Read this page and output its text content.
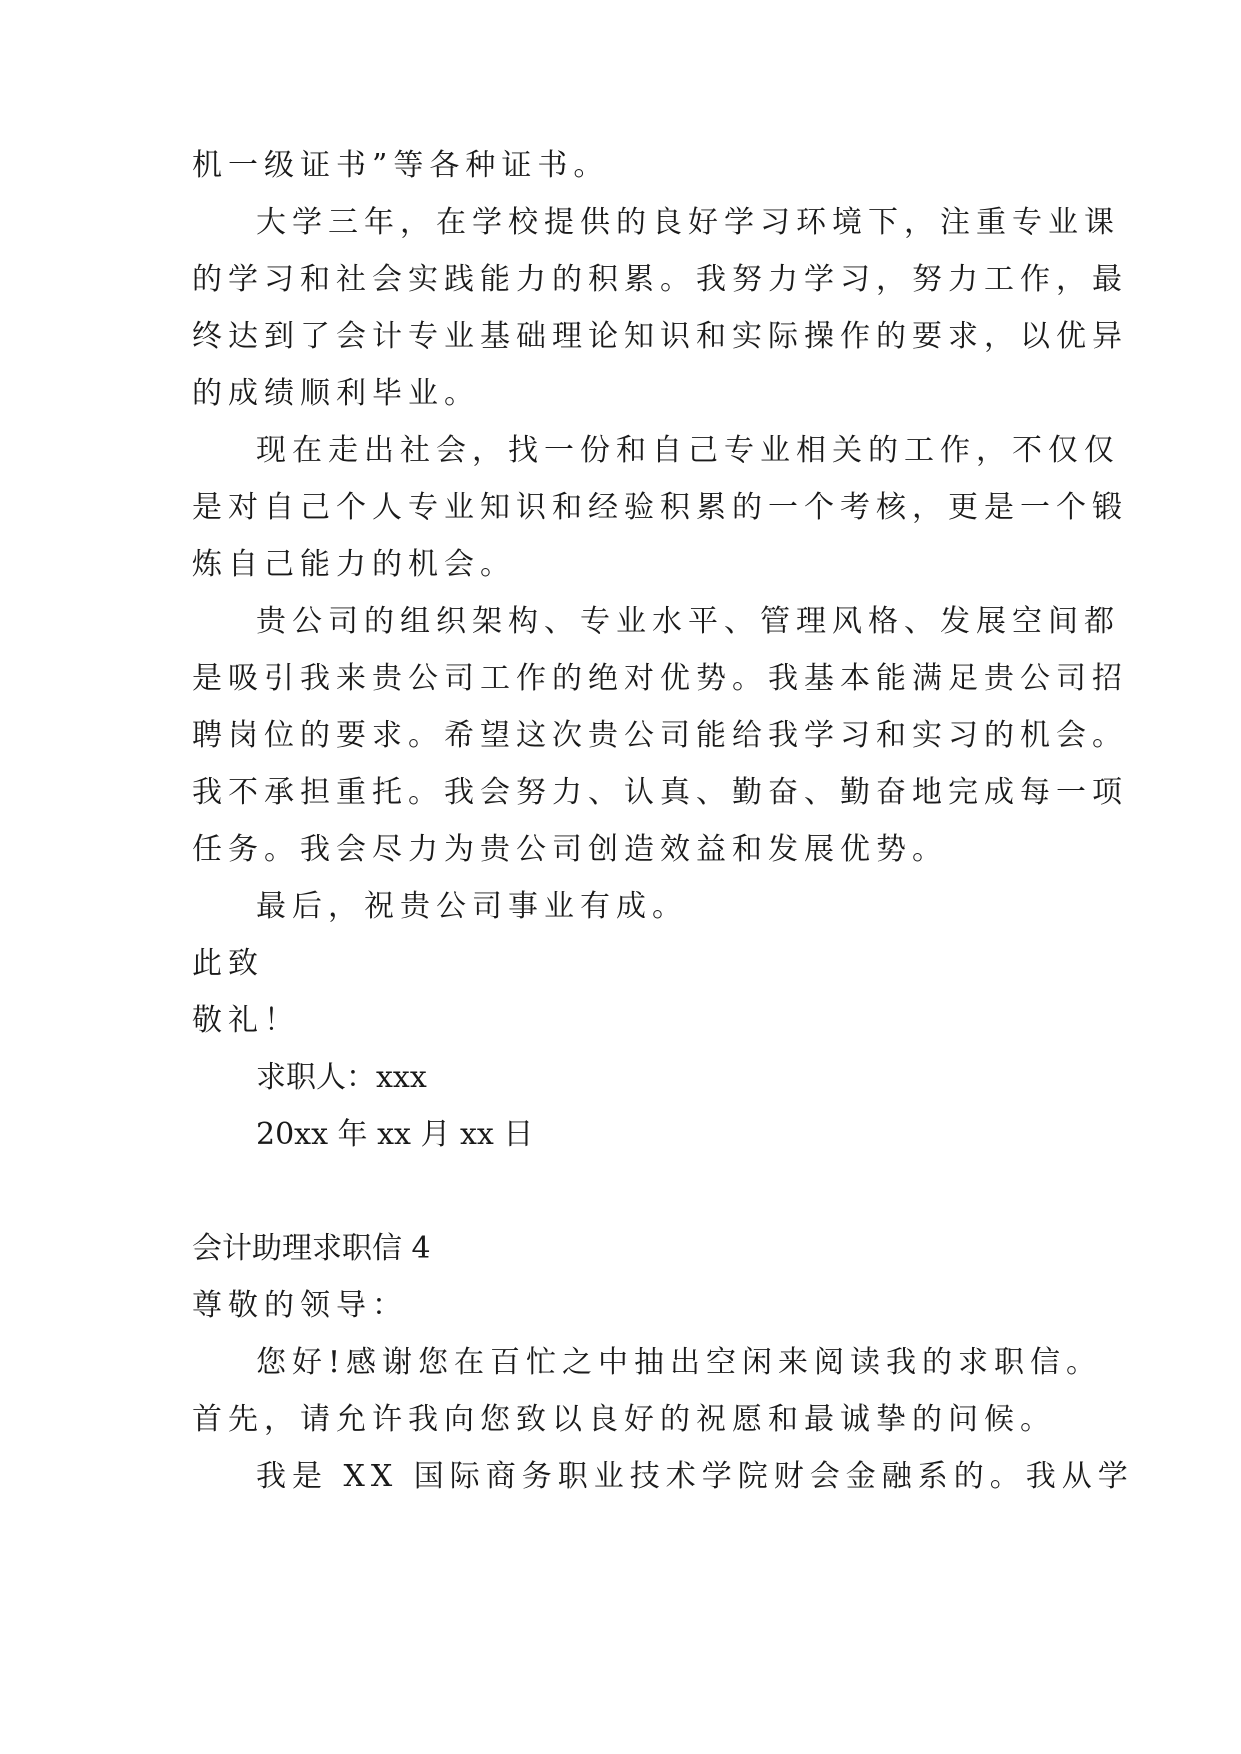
机一级证书”等各种证书。
大学三年，在学校提供的良好学习环境下，注重专业课
的学习和社会实践能力的积累。我努力学习，努力工作，最
终达到了会计专业基础理论知识和实际操作的要求，以优异
的成绩顺利毕业。
现在走出社会，找一份和自己专业相关的工作，不仅仅
是对自己个人专业知识和经验积累的一个考核，更是一个锻
炼自己能力的机会。
贵公司的组织架构、专业水平、管理风格、发展空间都
是吸引我来贵公司工作的绝对优势。我基本能满足贵公司招
聘岗位的要求。希望这次贵公司能给我学习和实习的机会。
我不承担重托。我会努力、认真、勤奋、勤奋地完成每一项
任务。我会尽力为贵公司创造效益和发展优势。
最后，祝贵公司事业有成。
此致
敬礼！
求职人：xxx
20xx 年 xx 月 xx 日
会计助理求职信 4
尊敬的领导：
您好!感谢您在百忙之中抽出空闲来阅读我的求职信。
首先，请允许我向您致以良好的祝愿和最诚挚的问候。
我是 XX 国际商务职业技术学院财会金融系的。我从学
